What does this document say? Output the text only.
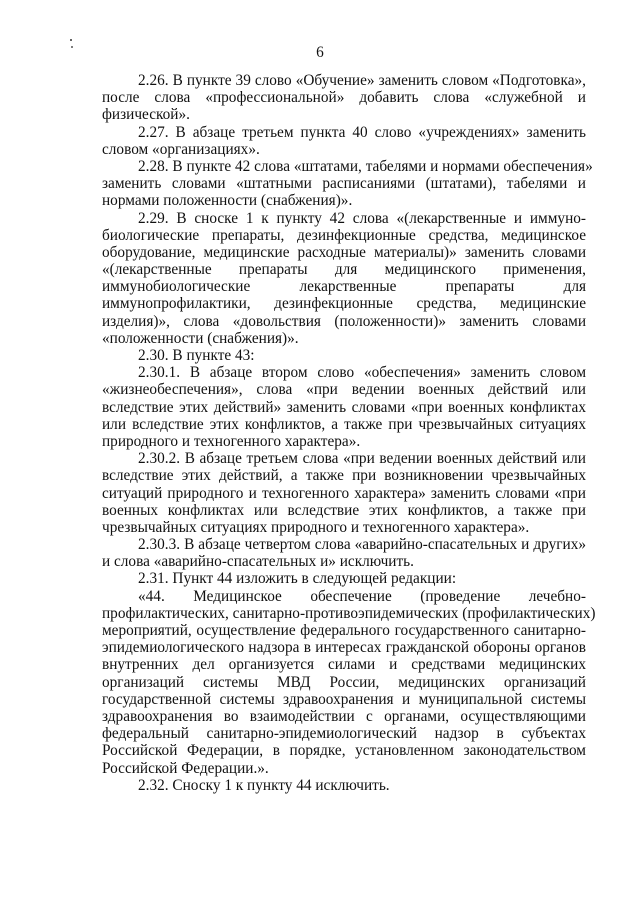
6
2.26. В пункте 39 слово «Обучение» заменить словом «Подготовка»,
после слова «профессиональной» добавить слова «служебной и
физической».
2.27. В абзаце третьем пункта 40 слово «учреждениях» заменить
словом «организациях».
2.28. В пункте 42 слова «штатами, табелями и нормами обеспечения»
заменить словами «штатными расписаниями (штатами), табелями и
нормами положенности (снабжения)».
2.29. В сноске 1 к пункту 42 слова «(лекарственные и иммуно-
биологические препараты, дезинфекционные средства, медицинское
оборудование, медицинские расходные материалы)» заменить словами
«(лекарственные препараты для медицинского применения,
иммунобиологические лекарственные препараты для
иммунопрофилактики, дезинфекционные средства, медицинские
изделия)», слова «довольствия (положенности)» заменить словами
«положенности (снабжения)».
2.30. В пункте 43:
2.30.1. В абзаце втором слово «обеспечения» заменить словом
«жизнеобеспечения», слова «при ведении военных действий или
вследствие этих действий» заменить словами «при военных конфликтах
или вследствие этих конфликтов, а также при чрезвычайных ситуациях
природного и техногенного характера».
2.30.2. В абзаце третьем слова «при ведении военных действий или
вследствие этих действий, а также при возникновении чрезвычайных
ситуаций природного и техногенного характера» заменить словами «при
военных конфликтах или вследствие этих конфликтов, а также при
чрезвычайных ситуациях природного и техногенного характера».
2.30.3. В абзаце четвертом слова «аварийно-спасательных и других»
и слова «аварийно-спасательных и» исключить.
2.31. Пункт 44 изложить в следующей редакции:
«44. Медицинское обеспечение (проведение лечебно-
профилактических, санитарно-противоэпидемических (профилактических)
мероприятий, осуществление федерального государственного санитарно-
эпидемиологического надзора в интересах гражданской обороны органов
внутренних дел организуется силами и средствами медицинских
организаций системы МВД России, медицинских организаций
государственной системы здравоохранения и муниципальной системы
здравоохранения во взаимодействии с органами, осуществляющими
федеральный санитарно-эпидемиологический надзор в субъектах
Российской Федерации, в порядке, установленном законодательством
Российской Федерации.».
2.32. Сноску 1 к пункту 44 исключить.
